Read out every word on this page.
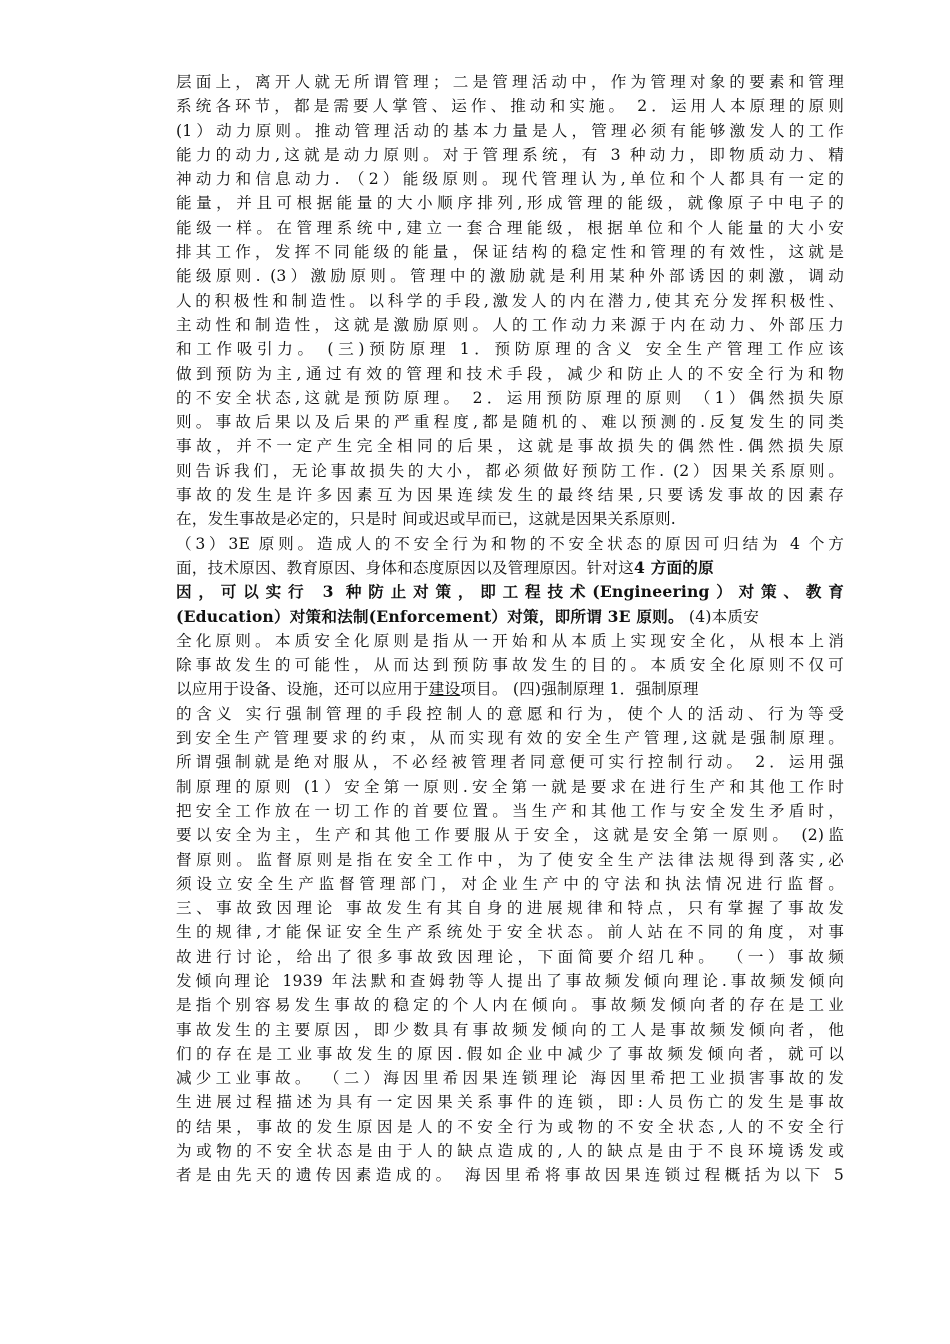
层面上，离开人就无所谓管理；二是管理活动中，作为管理对象的要素和管理
系统各环节，都是需要人掌管、运作、推动和实施。 2．运用人本原理的原则
(1）动力原则。推动管理活动的基本力量是人，管理必须有能够激发人的工作
能力的动力,这就是动力原则。对于管理系统，有 3 种动力，即物质动力、精
神动力和信息动力. （2）能级原则。现代管理认为,单位和个人都具有一定的
能量，并且可根据能量的大小顺序排列,形成管理的能级，就像原子中电子的
能级一样。在管理系统中,建立一套合理能级，根据单位和个人能量的大小安
排其工作，发挥不同能级的能量，保证结构的稳定性和管理的有效性，这就是
能级原则. (3）激励原则。管理中的激励就是利用某种外部诱因的刺激，调动
人的积极性和制造性。以科学的手段,激发人的内在潜力,使其充分发挥积极性、
主动性和制造性，这就是激励原则。人的工作动力来源于内在动力、外部压力
和工作吸引力。 (三)预防原理 1．预防原理的含义 安全生产管理工作应该
做到预防为主,通过有效的管理和技术手段，减少和防止人的不安全行为和物
的不安全状态,这就是预防原理。 2．运用预防原理的原则 （1）偶然损失原
则。事故后果以及后果的严重程度,都是随机的、难以预测的.反复发生的同类
事故，并不一定产生完全相同的后果，这就是事故损失的偶然性.偶然损失原
则告诉我们，无论事故损失的大小，都必须做好预防工作. (2）因果关系原则。
事故的发生是许多因素互为因果连续发生的最终结果,只要诱发事故的因素存
在，发生事故是必定的，只是时 间或迟或早而已，这就是因果关系原则.
（3）3E 原则。造成人的不安全行为和物的不安全状态的原因可归结为 4 个方
面，技术原因、教育原因、身体和态度原因以及管理原因。针对这4 方面的原
因，可以实行 3 种防止对策，即工程技术(Engineering）对策、教育
(Education）对策和法制(Enforcement）对策，即所谓 3E 原则。 (4)本质安
全化原则。本质安全化原则是指从一开始和从本质上实现安全化，从根本上消
除事故发生的可能性，从而达到预防事故发生的目的。本质安全化原则不仅可
以应用于设备、设施，还可以应用于建设项目。 (四)强制原理 1．强制原理
的含义 实行强制管理的手段控制人的意愿和行为，使个人的活动、行为等受
到安全生产管理要求的约束，从而实现有效的安全生产管理,这就是强制原理。
所谓强制就是绝对服从，不必经被管理者同意便可实行控制行动。 2．运用强
制原理的原则 (1）安全第一原则.安全第一就是要求在进行生产和其他工作时
把安全工作放在一切工作的首要位置。当生产和其他工作与安全发生矛盾时，
要以安全为主，生产和其他工作要服从于安全，这就是安全第一原则。 (2)监
督原则。监督原则是指在安全工作中，为了使安全生产法律法规得到落实,必
须设立安全生产监督管理部门，对企业生产中的守法和执法情况进行监督。
三、事故致因理论 事故发生有其自身的进展规律和特点，只有掌握了事故发
生的规律,才能保证安全生产系统处于安全状态。前人站在不同的角度，对事
故进行讨论，给出了很多事故致因理论，下面简要介绍几种。 （一）事故频
发倾向理论 1939 年法默和查姆勃等人提出了事故频发倾向理论.事故频发倾向
是指个别容易发生事故的稳定的个人内在倾向。事故频发倾向者的存在是工业
事故发生的主要原因，即少数具有事故频发倾向的工人是事故频发倾向者，他
们的存在是工业事故发生的原因.假如企业中减少了事故频发倾向者，就可以
减少工业事故。 （二）海因里希因果连锁理论 海因里希把工业损害事故的发
生进展过程描述为具有一定因果关系事件的连锁，即:人员伤亡的发生是事故
的结果，事故的发生原因是人的不安全行为或物的不安全状态,人的不安全行
为或物的不安全状态是由于人的缺点造成的,人的缺点是由于不良环境诱发或
者是由先天的遗传因素造成的。 海因里希将事故因果连锁过程概括为以下 5
